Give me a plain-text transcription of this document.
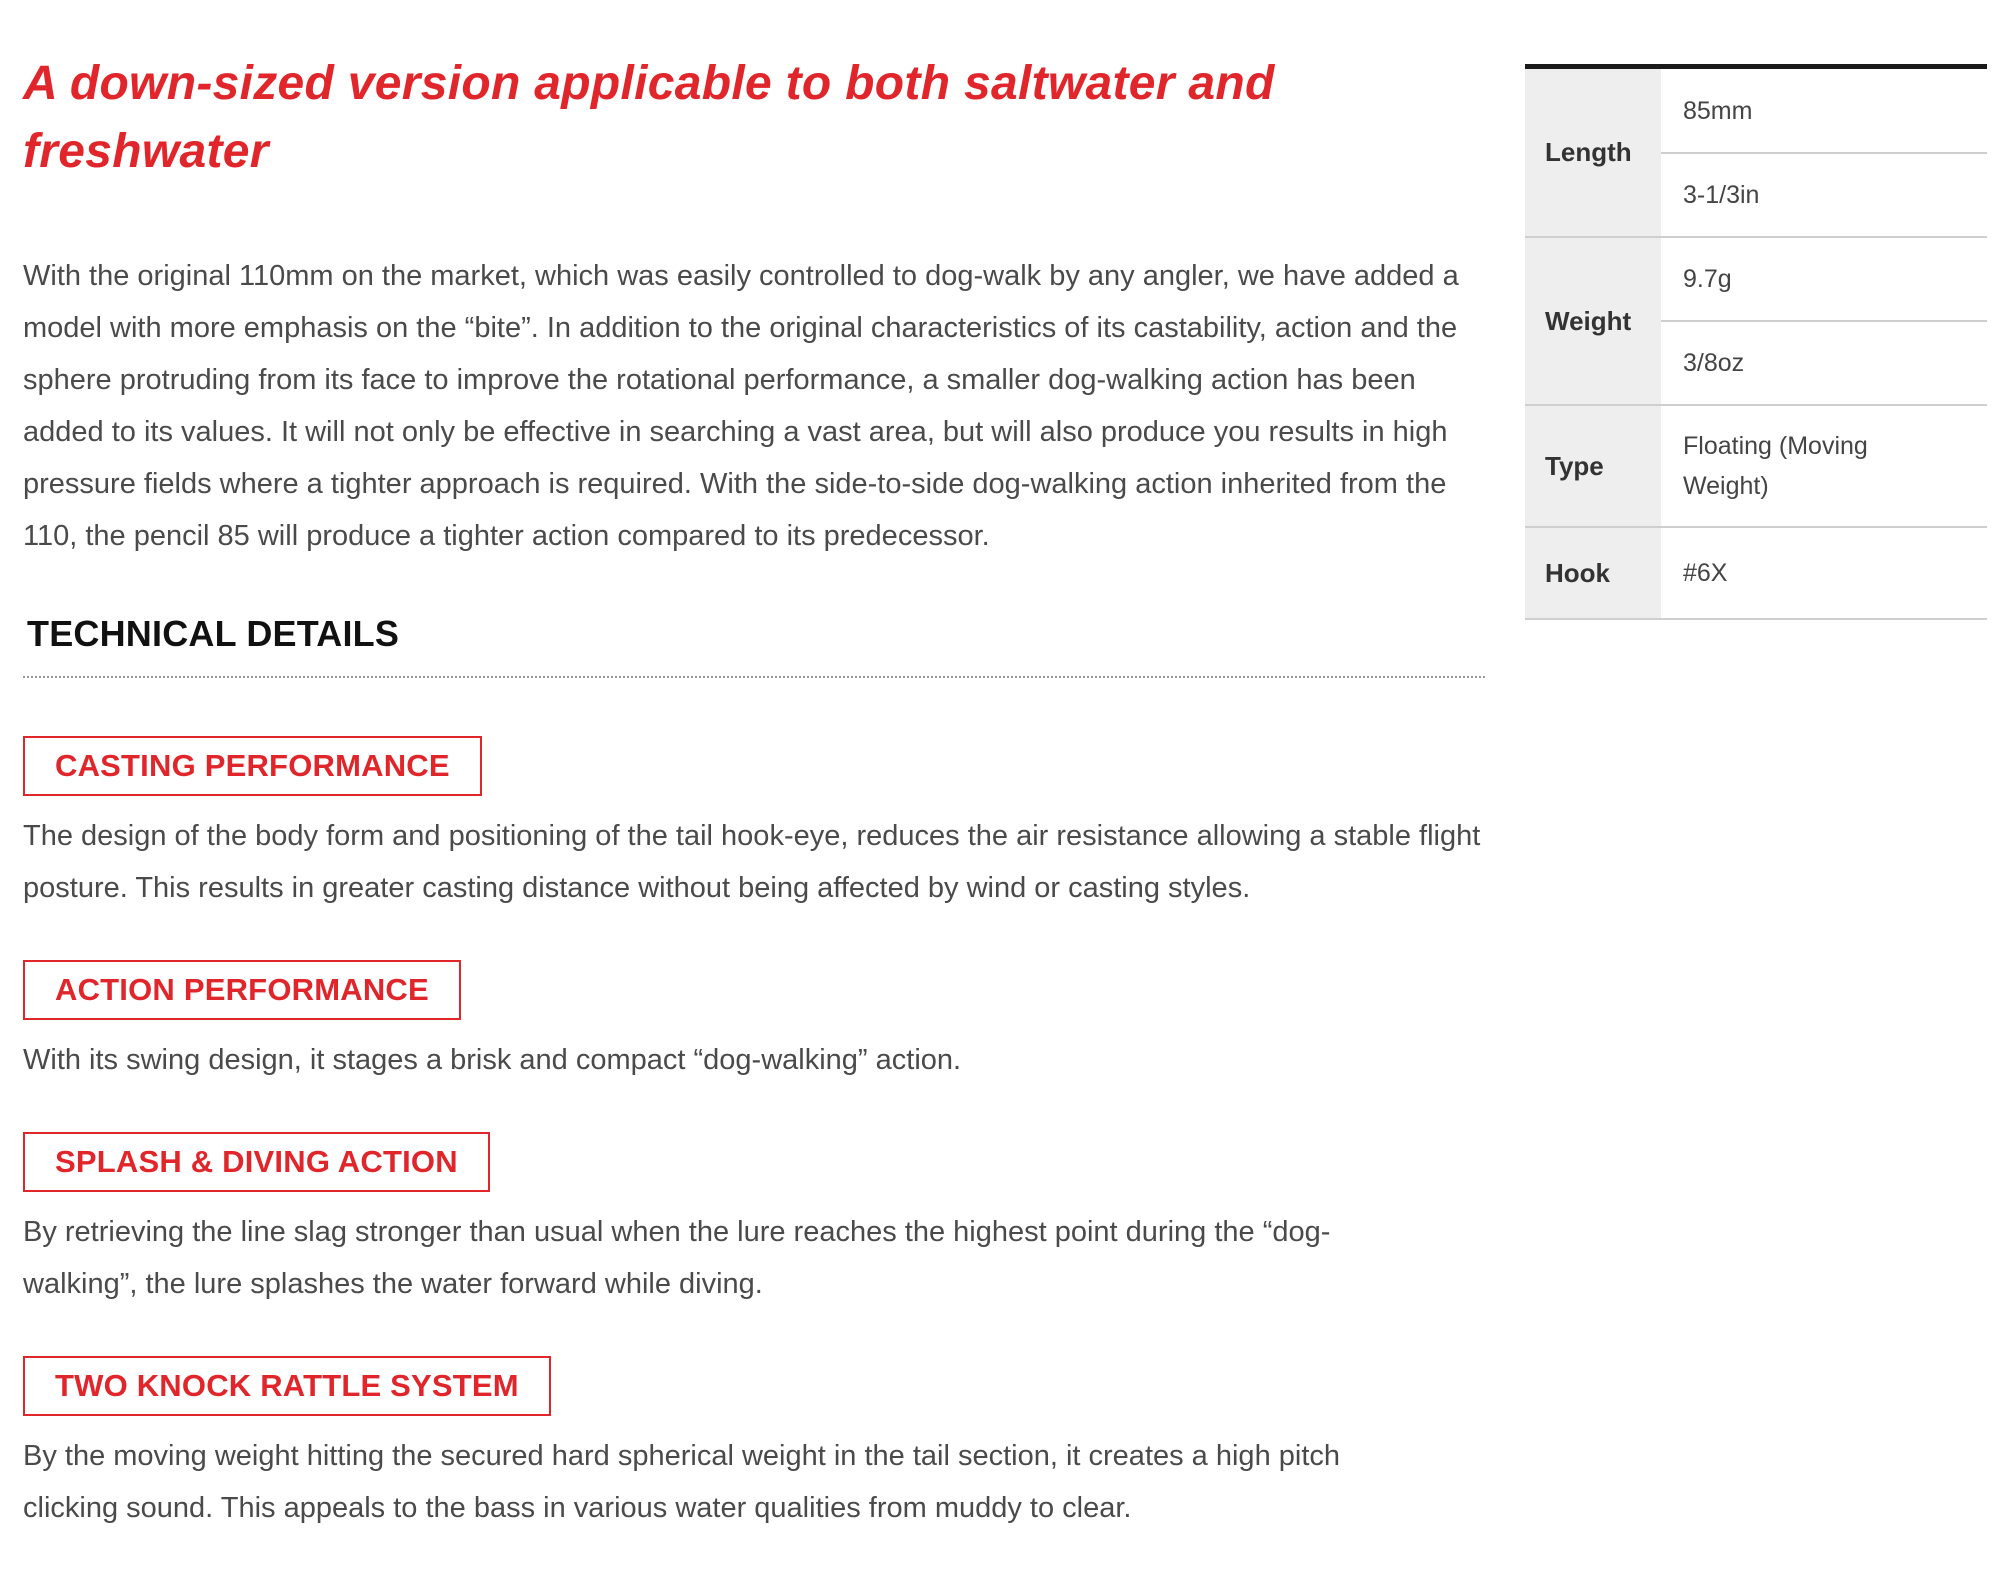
A down-sized version applicable to both saltwater and freshwater

With the original 110mm on the market, which was easily controlled to dog-walk by any angler, we have added a model with more emphasis on the “bite”. In addition to the original characteristics of its castability, action and the sphere protruding from its face to improve the rotational performance, a smaller dog-walking action has been added to its values. It will not only be effective in searching a vast area, but will also produce you results in high pressure fields where a tighter approach is required. With the side-to-side dog-walking action inherited from the 110, the pencil 85 will produce a tighter action compared to its predecessor.

TECHNICAL DETAILS
CASTING PERFORMANCE

The design of the body form and positioning of the tail hook-eye, reduces the air resistance allowing a stable flight posture. This results in greater casting distance without being affected by wind or casting styles.

ACTION PERFORMANCE

With its swing design, it stages a brisk and compact “dog-walking” action.

SPLASH & DIVING ACTION

By retrieving the line slag stronger than usual when the lure reaches the highest point during the “dog-walking”, the lure splashes the water forward while diving.

TWO KNOCK RATTLE SYSTEM

By the moving weight hitting the secured hard spherical weight in the tail section, it creates a high pitch clicking sound. This appeals to the bass in various water qualities from muddy to clear.

Length	85mm
	3-1/3in
Weight	9.7g
	3/8oz
Type	Floating (Moving Weight)
Hook	#6X
